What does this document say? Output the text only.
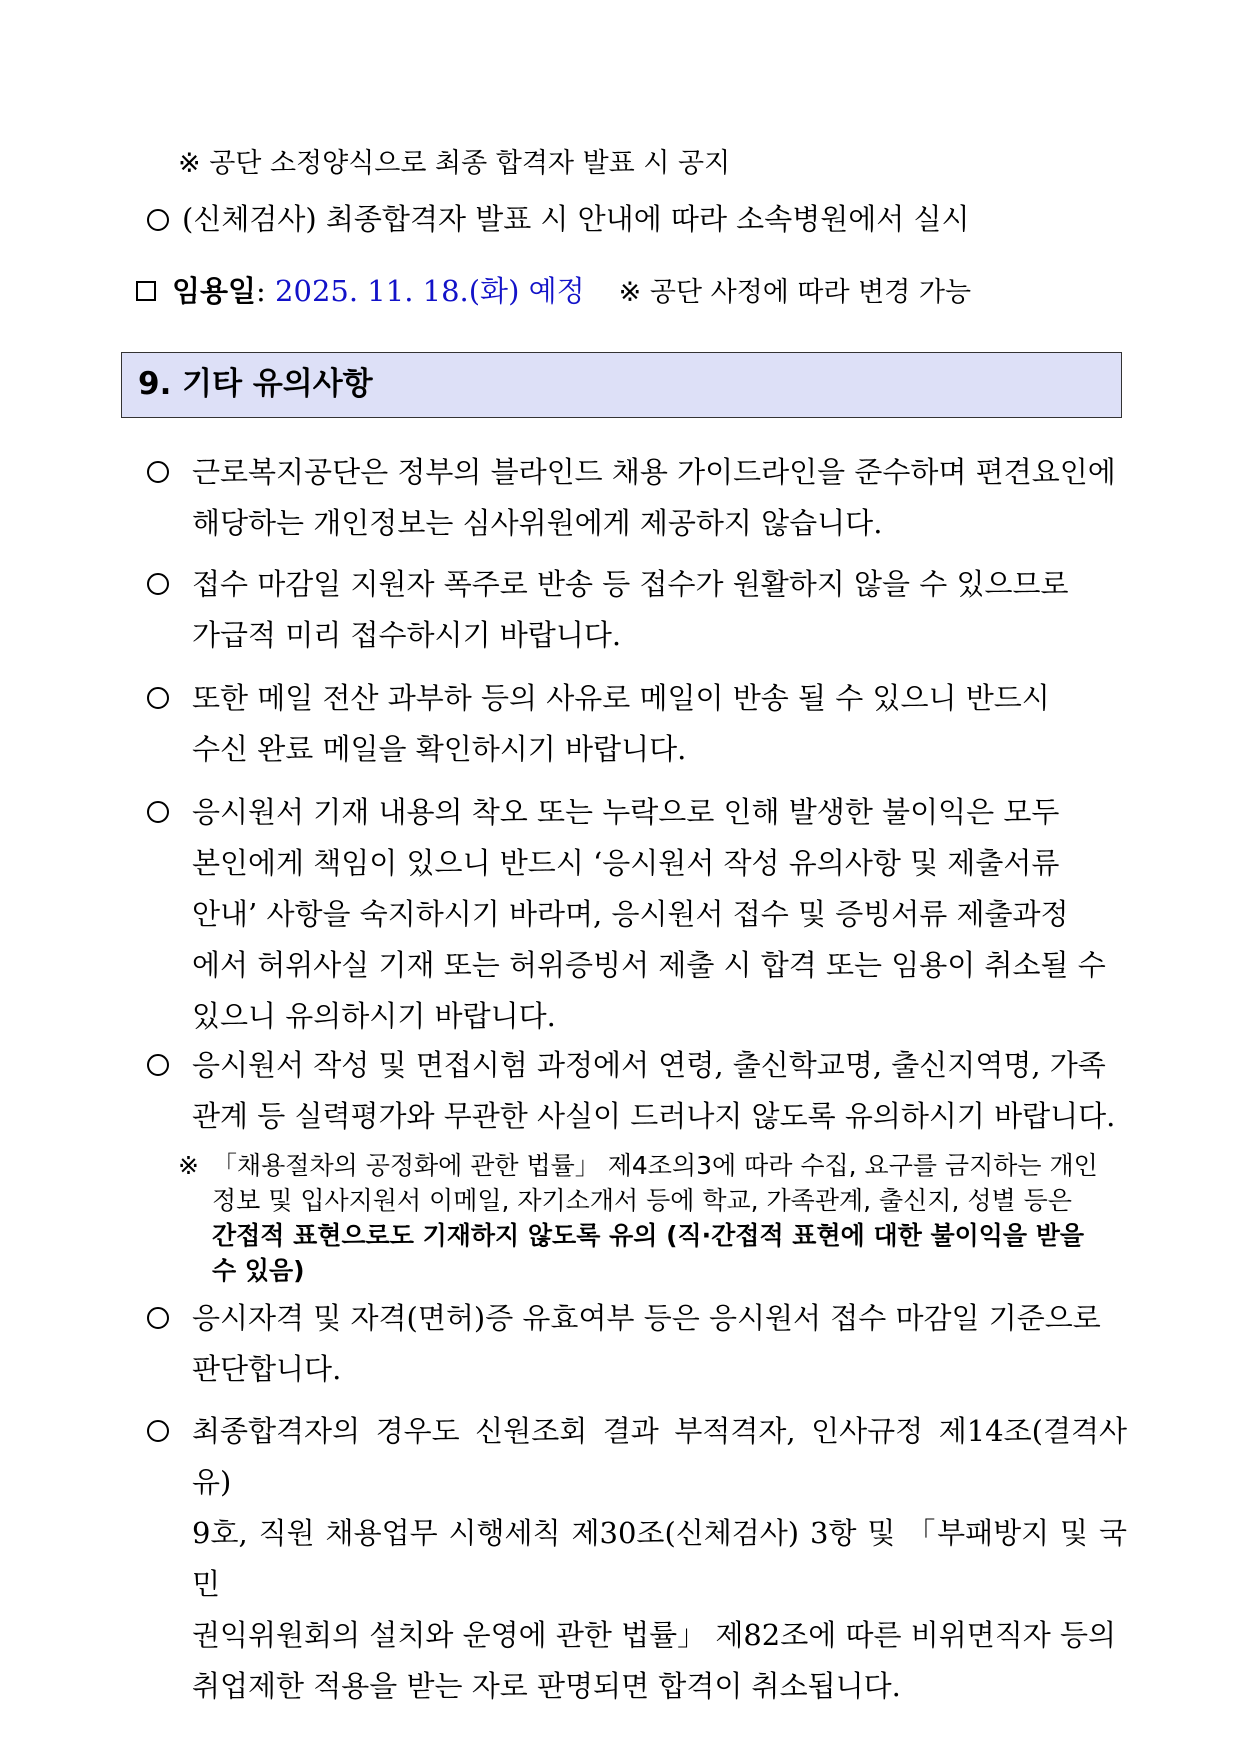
※ 공단 소정양식으로 최종 합격자 발표 시 공지
(신체검사) 최종합격자 발표 시 안내에 따라 소속병원에서 실시
임용일: 2025. 11. 18.(화) 예정 ※ 공단 사정에 따라 변경 가능
9. 기타 유의사항
근로복지공단은 정부의 블라인드 채용 가이드라인을 준수하며 편견요인에
해당하는 개인정보는 심사위원에게 제공하지 않습니다.
접수 마감일 지원자 폭주로 반송 등 접수가 원활하지 않을 수 있으므로
가급적 미리 접수하시기 바랍니다.
또한 메일 전산 과부하 등의 사유로 메일이 반송 될 수 있으니 반드시
수신 완료 메일을 확인하시기 바랍니다.
응시원서 기재 내용의 착오 또는 누락으로 인해 발생한 불이익은 모두
본인에게 책임이 있으니 반드시 ‘응시원서 작성 유의사항 및 제출서류
안내’ 사항을 숙지하시기 바라며, 응시원서 접수 및 증빙서류 제출과정
에서 허위사실 기재 또는 허위증빙서 제출 시 합격 또는 임용이 취소될 수
있으니 유의하시기 바랍니다.
응시원서 작성 및 면접시험 과정에서 연령, 출신학교명, 출신지역명, 가족
관계 등 실력평가와 무관한 사실이 드러나지 않도록 유의하시기 바랍니다.
※ 「채용절차의 공정화에 관한 법률」 제4조의3에 따라 수집, 요구를 금지하는 개인
정보 및 입사지원서 이메일, 자기소개서 등에 학교, 가족관계, 출신지, 성별 등은
간접적 표현으로도 기재하지 않도록 유의 (직·간접적 표현에 대한 불이익을 받을
수 있음)
응시자격 및 자격(면허)증 유효여부 등은 응시원서 접수 마감일 기준으로
판단합니다.
최종합격자의 경우도 신원조회 결과 부적격자, 인사규정 제14조(결격사유)
9호, 직원 채용업무 시행세칙 제30조(신체검사) 3항 및 「부패방지 및 국민
권익위원회의 설치와 운영에 관한 법률」 제82조에 따른 비위면직자 등의
취업제한 적용을 받는 자로 판명되면 합격이 취소됩니다.
